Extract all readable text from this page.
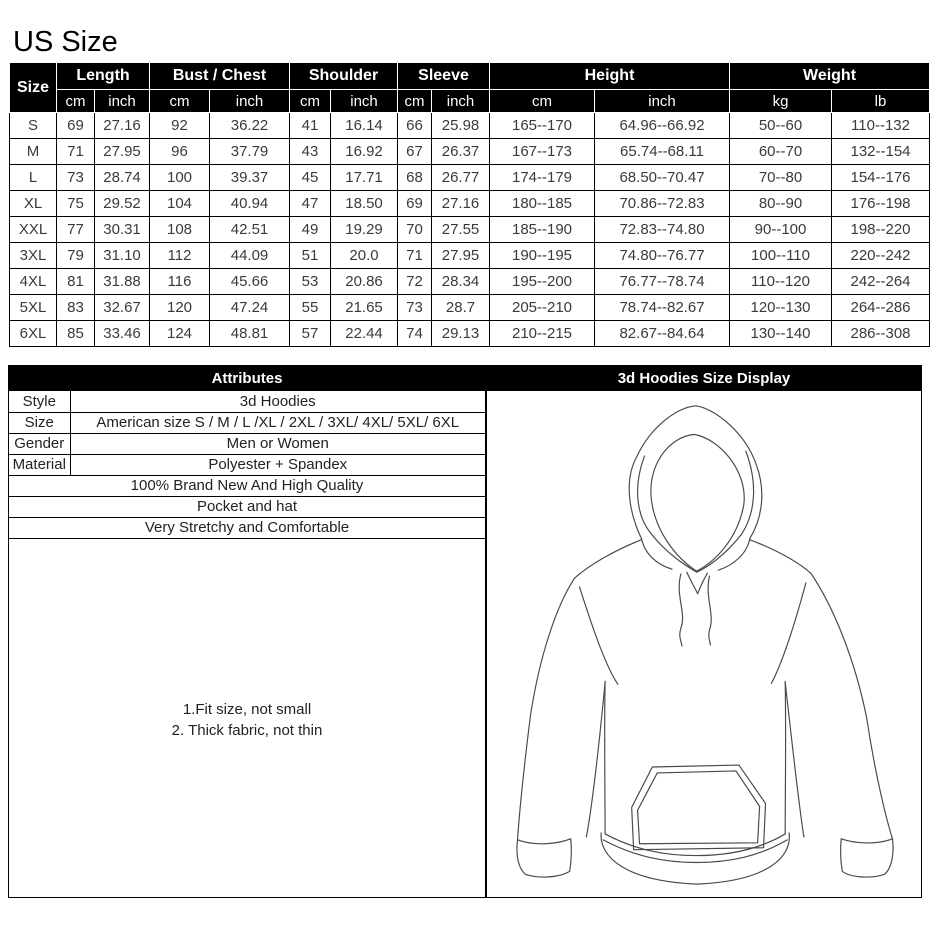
US Size
Size	Length		Bust / Chest		Shoulder		Sleeve		Height		Weight	
	cm	inch	cm	inch	cm	inch	cm	inch	cm	inch	kg	lb
S	69	27.16	92	36.22	41	16.14	66	25.98	165--170	64.96--66.92	50--60	110--132
M	71	27.95	96	37.79	43	16.92	67	26.37	167--173	65.74--68.11	60--70	132--154
L	73	28.74	100	39.37	45	17.71	68	26.77	174--179	68.50--70.47	70--80	154--176
XL	75	29.52	104	40.94	47	18.50	69	27.16	180--185	70.86--72.83	80--90	176--198
XXL	77	30.31	108	42.51	49	19.29	70	27.55	185--190	72.83--74.80	90--100	198--220
3XL	79	31.10	112	44.09	51	20.0	71	27.95	190--195	74.80--76.77	100--110	220--242
4XL	81	31.88	116	45.66	53	20.86	72	28.34	195--200	76.77--78.74	110--120	242--264
5XL	83	32.67	120	47.24	55	21.65	73	28.7	205--210	78.74--82.67	120--130	264--286
6XL	85	33.46	124	48.81	57	22.44	74	29.13	210--215	82.67--84.64	130--140	286--308
Attributes
Style	3d Hoodies
Size	American size S / M / L /XL / 2XL / 3XL/ 4XL/ 5XL/ 6XL
Gender	Men or Women
Material	Polyester + Spandex
100% Brand New And High Quality	
Pocket and hat	
Very Stretchy and Comfortable	
1.Fit size, not small
2. Thick fabric, not thin
3d Hoodies Size Display
